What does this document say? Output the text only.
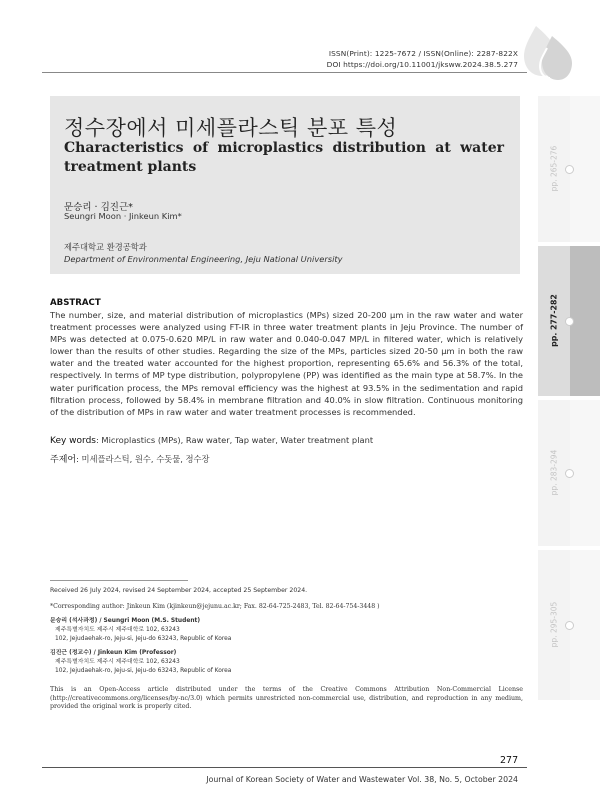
ISSN(Print): 1225-7672 / ISSN(Online): 2287-822X
DOI https://doi.org/10.11001/jksww.2024.38.5.277
정수장에서 미세플라스틱 분포 특성
Characteristics of microplastics distribution at water treatment plants
문승리 · 김진근*
Seungri Moon · Jinkeun Kim*
제주대학교 환경공학과
Department of Environmental Engineering, Jeju National University
pp. 265-276
pp. 277-282
pp. 283-294
pp. 295-305
ABSTRACT
The number, size, and material distribution of microplastics (MPs) sized 20-200 μm in the raw water and water treatment processes were analyzed using FT-IR in three water treatment plants in Jeju Province. The number of MPs was detected at 0.075-0.620 MP/L in raw water and 0.040-0.047 MP/L in filtered water, which is relatively lower than the results of other studies. Regarding the size of the MPs, particles sized 20-50 μm in both the raw water and the treated water accounted for the highest proportion, representing 65.6% and 56.3% of the total, respectively. In terms of MP type distribution, polypropylene (PP) was identified as the main type at 58.7%. In the water purification process, the MPs removal efficiency was the highest at 93.5% in the sedimentation and rapid filtration process, followed by 58.4% in membrane filtration and 40.0% in slow filtration. Continuous monitoring of the distribution of MPs in raw water and water treatment processes is recommended.
Key words: Microplastics (MPs), Raw water, Tap water, Water treatment plant
주제어: 미세플라스틱, 원수, 수돗물, 정수장
Received 26 July 2024, revised 24 September 2024, accepted 25 September 2024.
*Corresponding author: Jinkeun Kim (kjinkeun@jejunu.ac.kr; Fax. 82-64-725-2483, Tel. 82-64-754-3448 )
문승리 (석사과정) / Seungri Moon (M.S. Student)
제주특별자치도 제주시 제주대학로 102, 63243
102, Jejudaehak-ro, Jeju-si, Jeju-do 63243, Republic of Korea
김진근 (정교수) / Jinkeun Kim (Professor)
제주특별자치도 제주시 제주대학로 102, 63243
102, Jejudaehak-ro, Jeju-si, Jeju-do 63243, Republic of Korea
This is an Open-Access article distributed under the terms of the Creative Commons Attribution Non-Commercial License (http://creativecommons.org/licenses/by-nc/3.0) which permits unrestricted non-commercial use, distribution, and reproduction in any medium, provided the original work is properly cited.
277
Journal of Korean Society of Water and Wastewater Vol. 38, No. 5, October 2024
